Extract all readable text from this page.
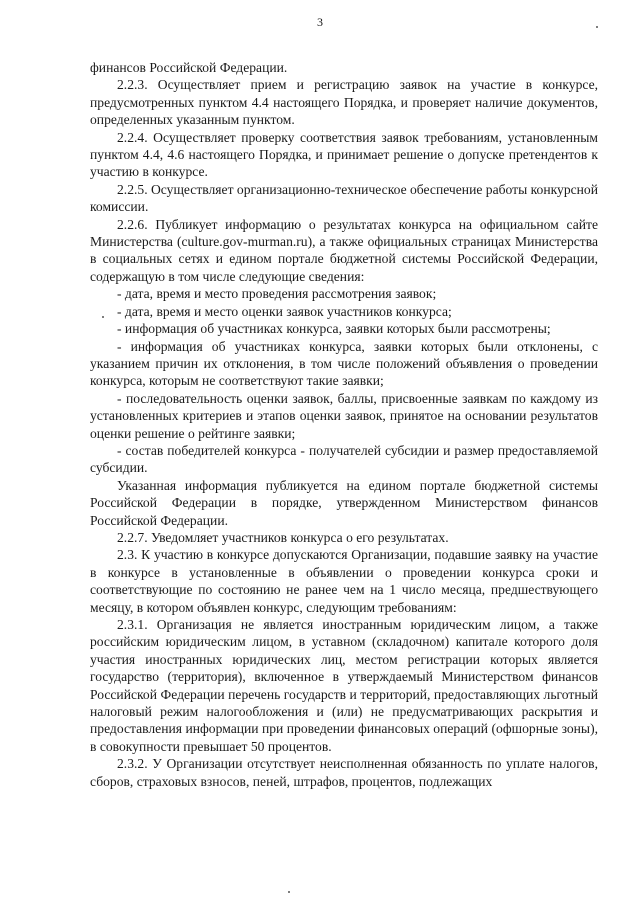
3

финансов Российской Федерации.

2.2.3. Осуществляет прием и регистрацию заявок на участие в конкурсе, предусмотренных пунктом 4.4 настоящего Порядка, и проверяет наличие документов, определенных указанным пунктом.

2.2.4. Осуществляет проверку соответствия заявок требованиям, установленным пунктом 4.4, 4.6 настоящего Порядка, и принимает решение о допуске претендентов к участию в конкурсе.

2.2.5. Осуществляет организационно-техническое обеспечение работы конкурсной комиссии.

2.2.6. Публикует информацию о результатах конкурса на официальном сайте Министерства (culture.gov-murman.ru), а также официальных страницах Министерства в социальных сетях и едином портале бюджетной системы Российской Федерации, содержащую в том числе следующие сведения:

- дата, время и место проведения рассмотрения заявок;

- дата, время и место оценки заявок участников конкурса;

- информация об участниках конкурса, заявки которых были рассмотрены;

- информация об участниках конкурса, заявки которых были отклонены, с указанием причин их отклонения, в том числе положений объявления о проведении конкурса, которым не соответствуют такие заявки;

- последовательность оценки заявок, баллы, присвоенные заявкам по каждому из установленных критериев и этапов оценки заявок, принятое на основании результатов оценки решение о рейтинге заявки;

- состав победителей конкурса - получателей субсидии и размер предоставляемой субсидии.

Указанная информация публикуется на едином портале бюджетной системы Российской Федерации в порядке, утвержденном Министерством финансов Российской Федерации.

2.2.7. Уведомляет участников конкурса о его результатах.

2.3. К участию в конкурсе допускаются Организации, подавшие заявку на участие в конкурсе в установленные в объявлении о проведении конкурса сроки и соответствующие по состоянию не ранее чем на 1 число месяца, предшествующего месяцу, в котором объявлен конкурс, следующим требованиям:

2.3.1. Организация не является иностранным юридическим лицом, а также российским юридическим лицом, в уставном (складочном) капитале которого доля участия иностранных юридических лиц, местом регистрации которых является государство (территория), включенное в утверждаемый Министерством финансов Российской Федерации перечень государств и территорий, предоставляющих льготный налоговый режим налогообложения и (или) не предусматривающих раскрытия и предоставления информации при проведении финансовых операций (офшорные зоны), в совокупности превышает 50 процентов.

2.3.2. У Организации отсутствует неисполненная обязанность по уплате налогов, сборов, страховых взносов, пеней, штрафов, процентов, подлежащих
